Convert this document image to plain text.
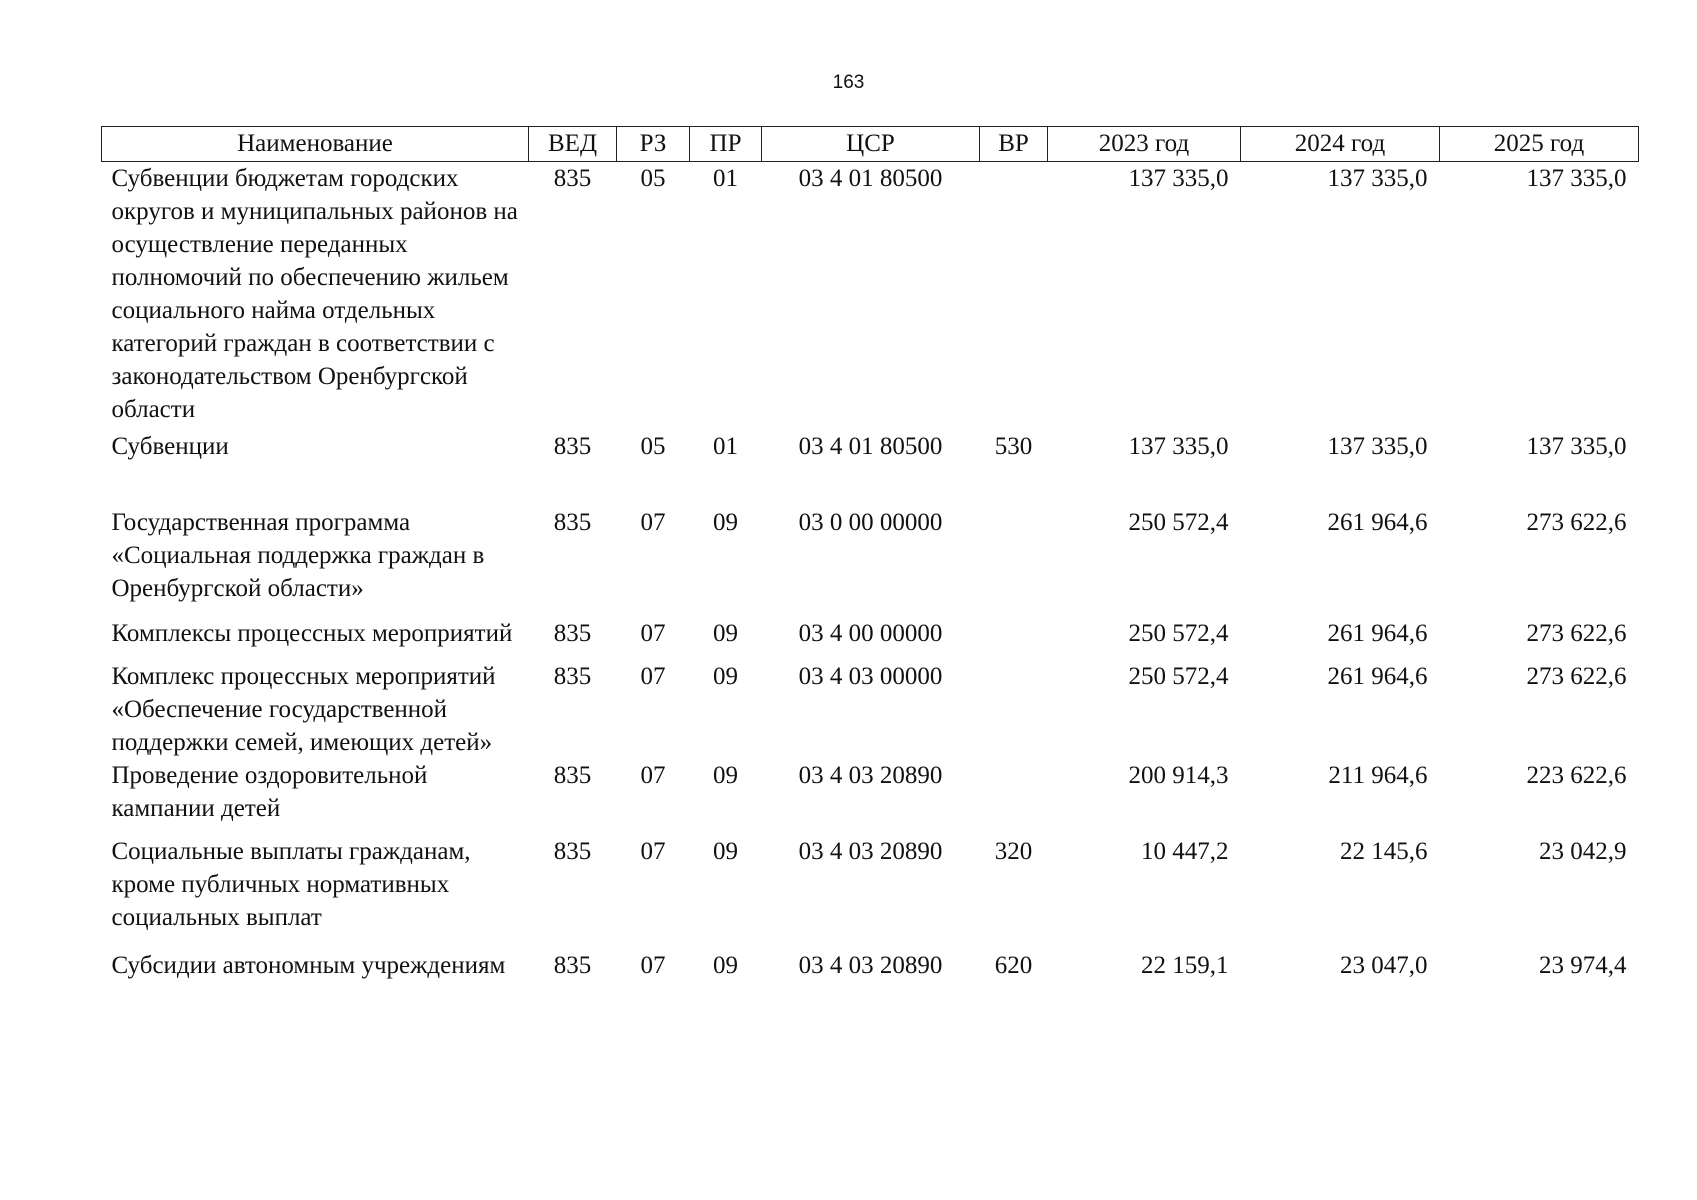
163
Наименование	ВЕД	РЗ	ПР	ЦСР	ВР	2023 год	2024 год	2025 год
Субвенции бюджетам городских округов и муниципальных районов на осуществление переданных полномочий по обеспечению жильем социального найма отдельных категорий граждан в соответствии с законодательством Оренбургской области	835	05	01	03 4 01 80500		137 335,0	137 335,0	137 335,0
Субвенции	835	05	01	03 4 01 80500	530	137 335,0	137 335,0	137 335,0
Государственная программа «Социальная поддержка граждан в Оренбургской области»	835	07	09	03 0 00 00000		250 572,4	261 964,6	273 622,6
Комплексы процессных мероприятий	835	07	09	03 4 00 00000		250 572,4	261 964,6	273 622,6
Комплекс процессных мероприятий «Обеспечение государственной поддержки семей, имеющих детей»	835	07	09	03 4 03 00000		250 572,4	261 964,6	273 622,6
Проведение оздоровительной кампании детей	835	07	09	03 4 03 20890		200 914,3	211 964,6	223 622,6
Социальные выплаты гражданам, кроме публичных нормативных социальных выплат	835	07	09	03 4 03 20890	320	10 447,2	22 145,6	23 042,9
Субсидии автономным учреждениям	835	07	09	03 4 03 20890	620	22 159,1	23 047,0	23 974,4
